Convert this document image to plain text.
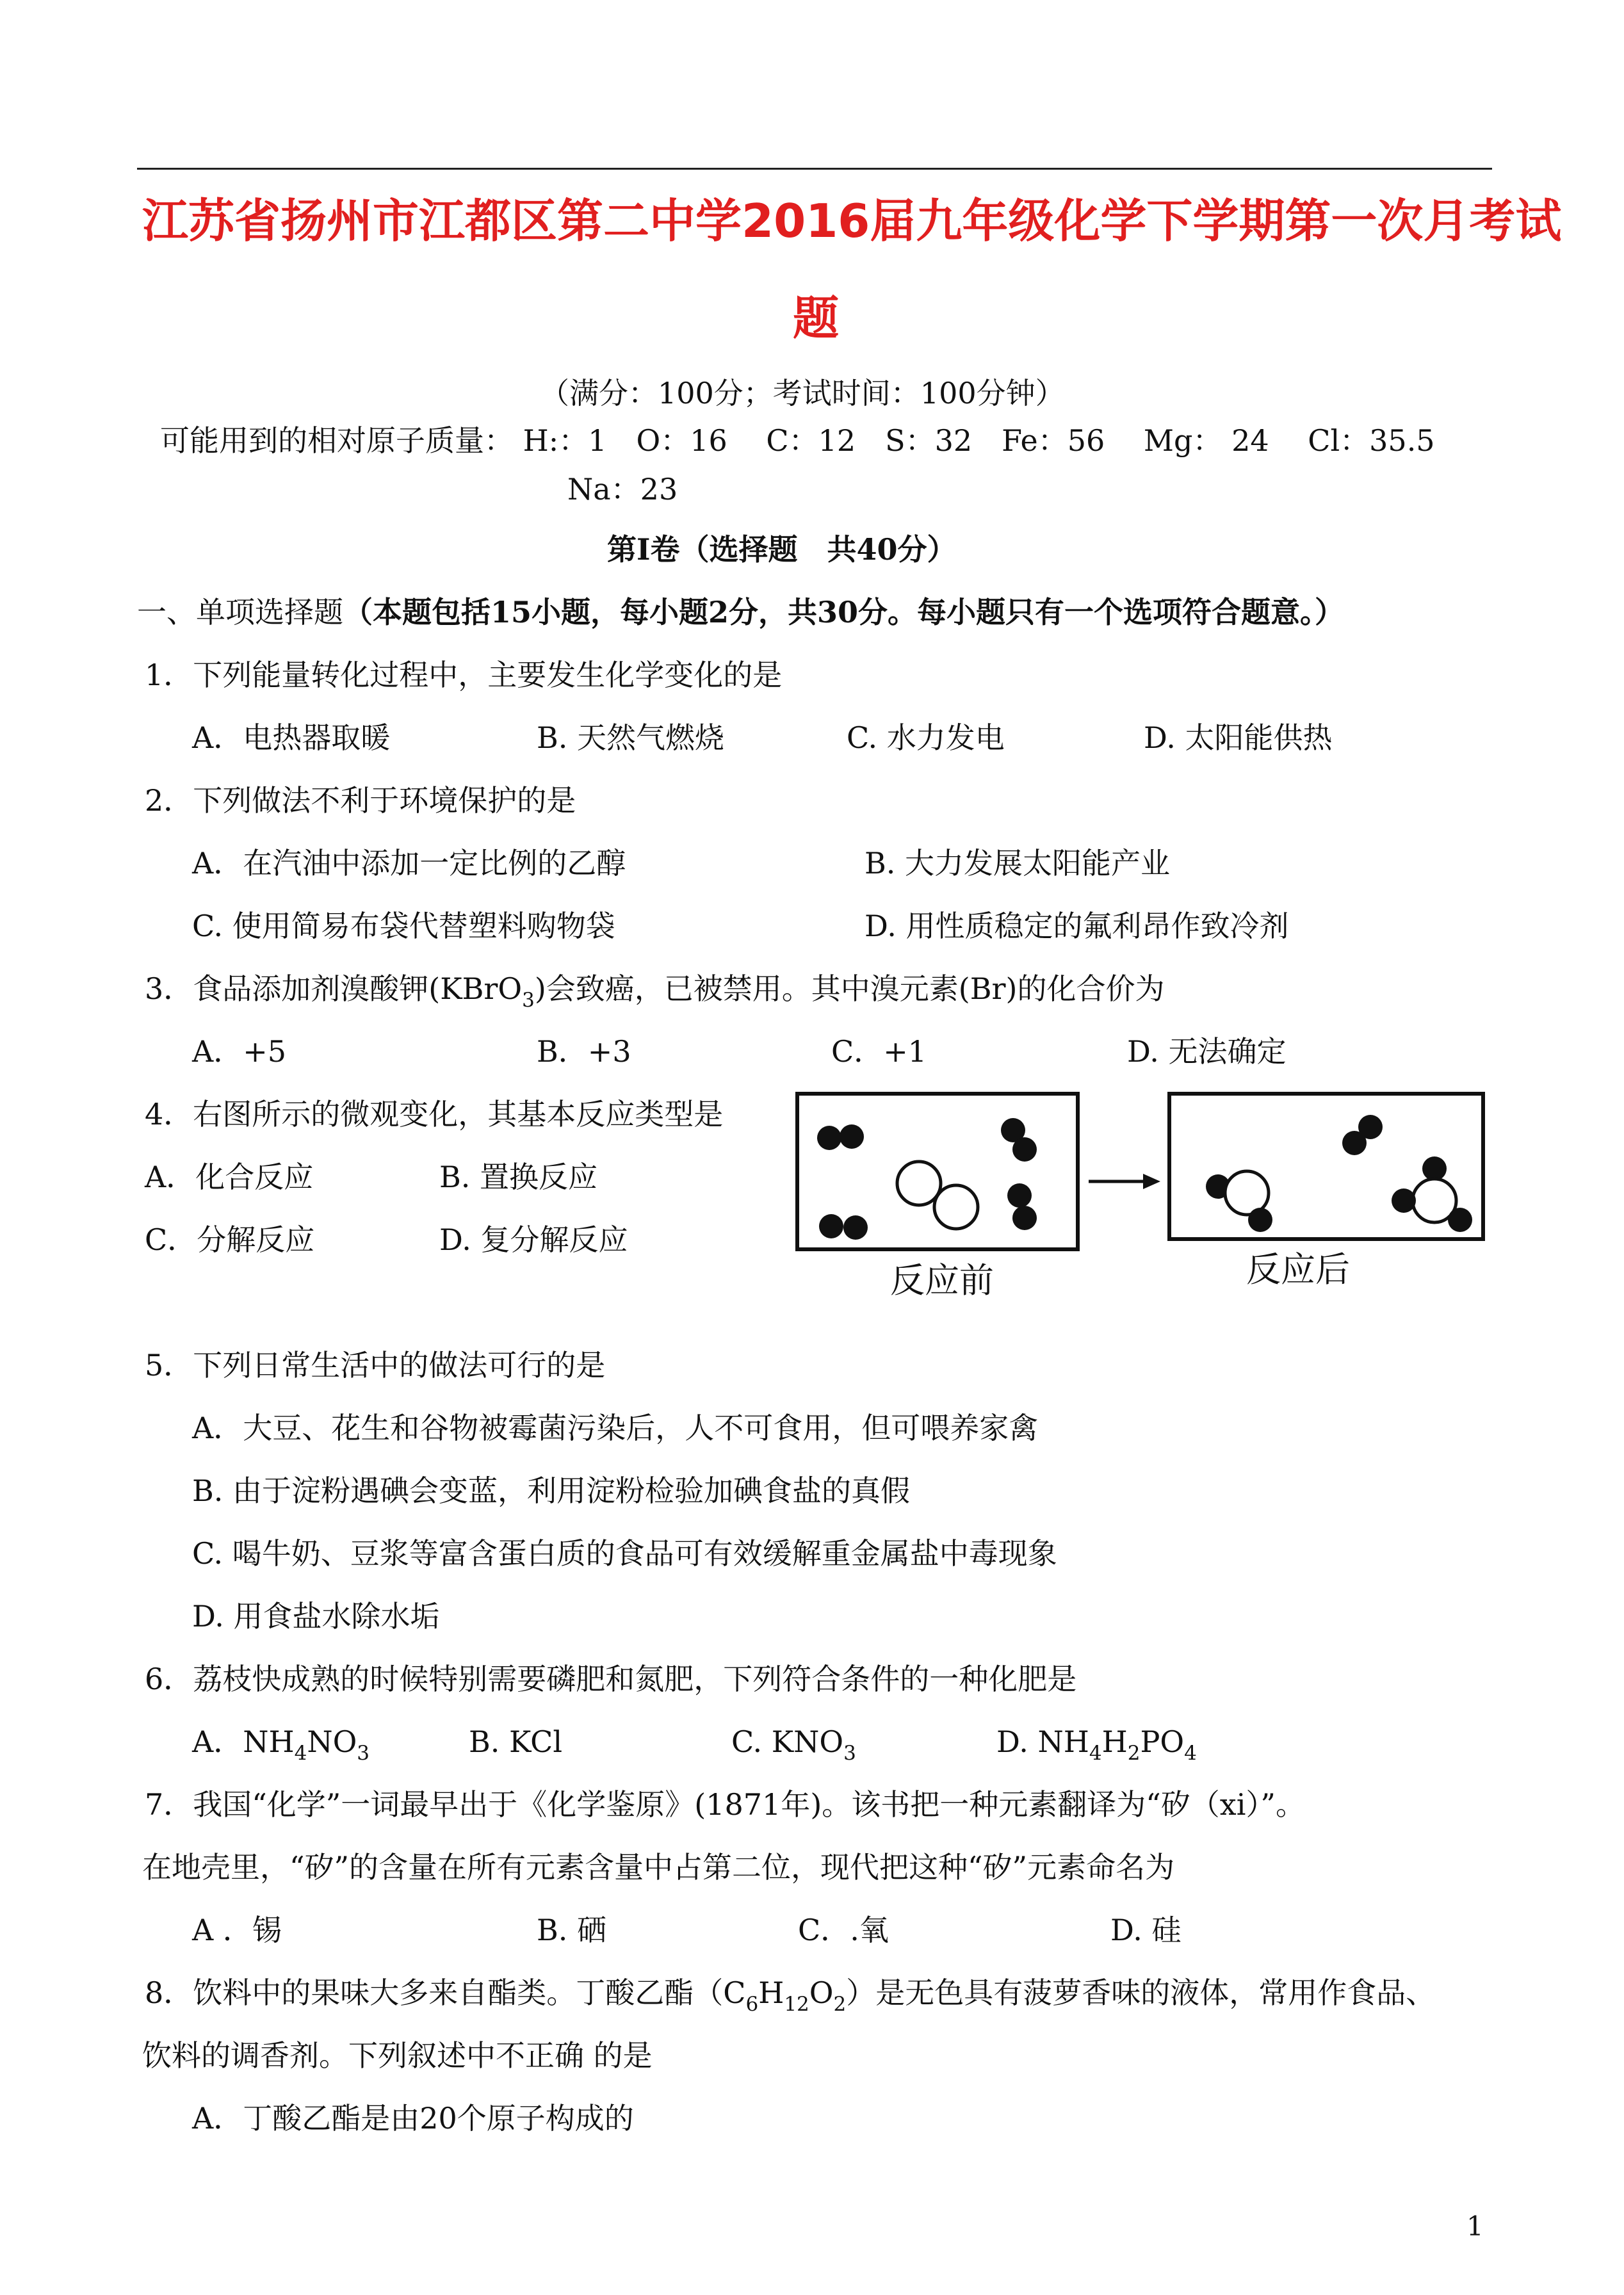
江苏省扬州市江都区第二中学2016届九年级化学下学期第一次月考试
题
（满分：100分；考试时间：100分钟）
可能用到的相对原子质量： H:：1　O：16　 C：12　S：32　Fe：56　 Mg： 24　 Cl：35.5
Na：23
第Ⅰ卷（选择题　共40分）
一、单项选择题（本题包括15小题，每小题2分，共30分。每小题只有一个选项符合题意。）
1．下列能量转化过程中，主要发生化学变化的是
A．电热器取暖	B. 天然气燃烧	C. 水力发电	D. 太阳能供热
2．下列做法不利于环境保护的是
A．在汽油中添加一定比例的乙醇	B. 大力发展太阳能产业
C. 使用简易布袋代替塑料购物袋	D. 用性质稳定的氟利昂作致冷剂
3．食品添加剂溴酸钾(KBrO$_3$)会致癌，已被禁用。其中溴元素(Br)的化合价为
A．+5	B．+3	C．+1	D. 无法确定
4．右图所示的微观变化，其基本反应类型是
A．化合反应	B. 置换反应
C．分解反应	D. 复分解反应
反应前	反应后
5．下列日常生活中的做法可行的是
A．大豆、花生和谷物被霉菌污染后，人不可食用，但可喂养家禽
B. 由于淀粉遇碘会变蓝，利用淀粉检验加碘食盐的真假
C. 喝牛奶、豆浆等富含蛋白质的食品可有效缓解重金属盐中毒现象
D. 用食盐水除水垢
6．荔枝快成熟的时候特别需要磷肥和氮肥，下列符合条件的一种化肥是
A．$NH_4NO_3$	B. KCl	C. $KNO_3$	D. $NH_4H_2PO_4$
7．我国“化学”一词最早出于《化学鉴原》(1871年)。该书把一种元素翻译为“矽（xi）”。
在地壳里，“矽”的含量在所有元素含量中占第二位，现代把这种“矽”元素命名为
A ．锡	B. 硒	C．.氧	D. 硅
8．饮料中的果味大多来自酯类。丁酸乙酯$(C_6H_{12}O_2)$是无色具有菠萝香味的液体，常用作食品、
饮料的调香剂。下列叙述中不正确 的是
A．丁酸乙酯是由20个原子构成的
1
